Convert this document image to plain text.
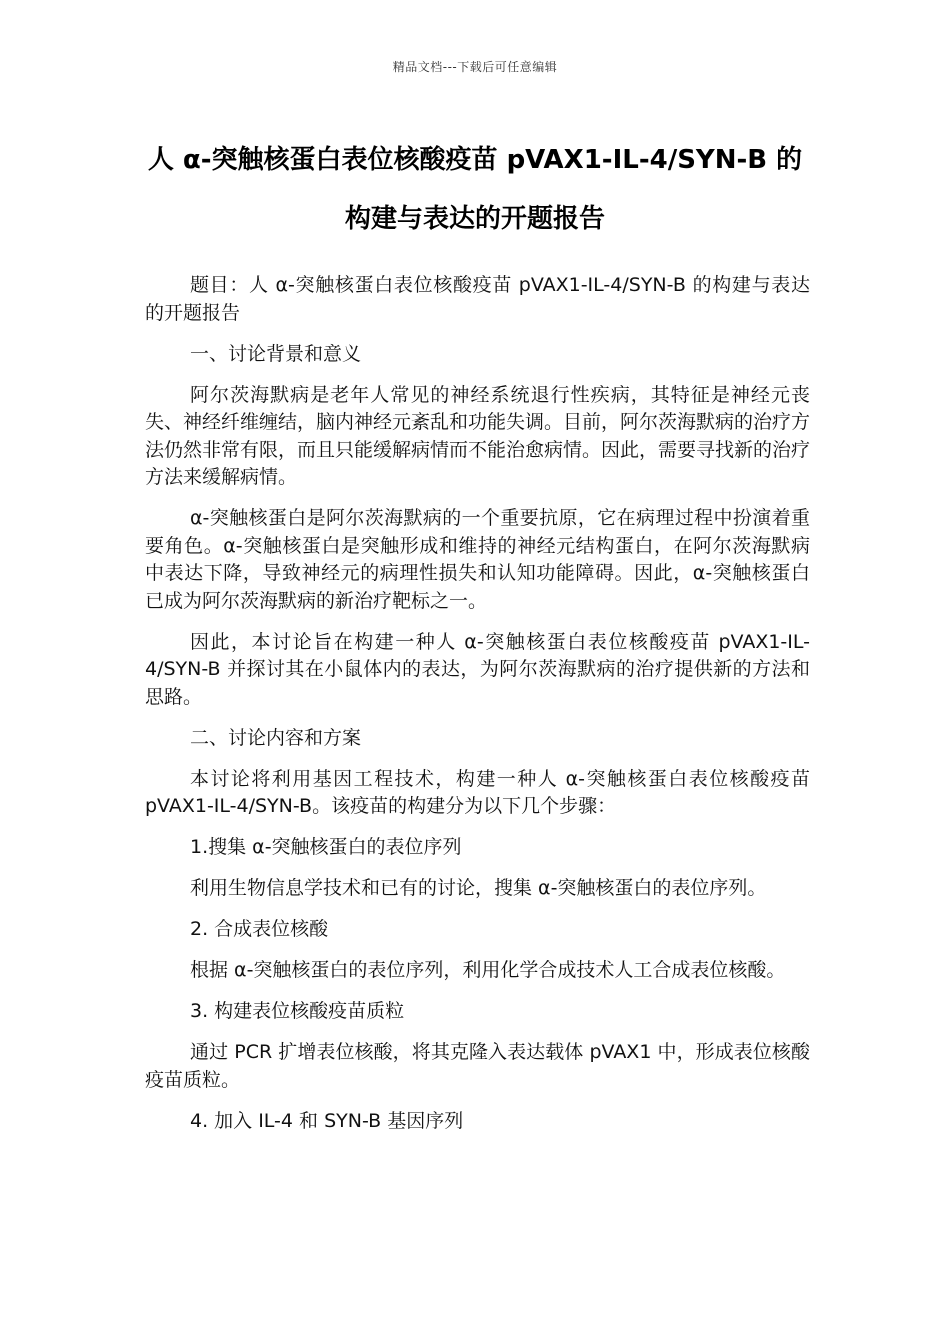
精品文档---下载后可任意编辑
人 α-突触核蛋白表位核酸疫苗 pVAX1-IL-4/SYN-B 的
构建与表达的开题报告

题目：人 α-突触核蛋白表位核酸疫苗 pVAX1-IL-4/SYN-B 的构建与表达的开题报告

一、讨论背景和意义

阿尔茨海默病是老年人常见的神经系统退行性疾病，其特征是神经元丧失、神经纤维缠结，脑内神经元紊乱和功能失调。目前，阿尔茨海默病的治疗方法仍然非常有限，而且只能缓解病情而不能治愈病情。因此，需要寻找新的治疗方法来缓解病情。

α-突触核蛋白是阿尔茨海默病的一个重要抗原，它在病理过程中扮演着重要角色。α-突触核蛋白是突触形成和维持的神经元结构蛋白，在阿尔茨海默病中表达下降，导致神经元的病理性损失和认知功能障碍。因此，α-突触核蛋白已成为阿尔茨海默病的新治疗靶标之一。

因此，本讨论旨在构建一种人 α-突触核蛋白表位核酸疫苗 pVAX1-IL-4/SYN-B 并探讨其在小鼠体内的表达，为阿尔茨海默病的治疗提供新的方法和思路。

二、讨论内容和方案

本讨论将利用基因工程技术，构建一种人 α-突触核蛋白表位核酸疫苗 pVAX1-IL-4/SYN-B。该疫苗的构建分为以下几个步骤：

1.搜集 α-突触核蛋白的表位序列

利用生物信息学技术和已有的讨论，搜集 α-突触核蛋白的表位序列。

2. 合成表位核酸

根据 α-突触核蛋白的表位序列，利用化学合成技术人工合成表位核酸。

3. 构建表位核酸疫苗质粒

通过 PCR 扩增表位核酸，将其克隆入表达载体 pVAX1 中，形成表位核酸疫苗质粒。

4. 加入 IL-4 和 SYN-B 基因序列
